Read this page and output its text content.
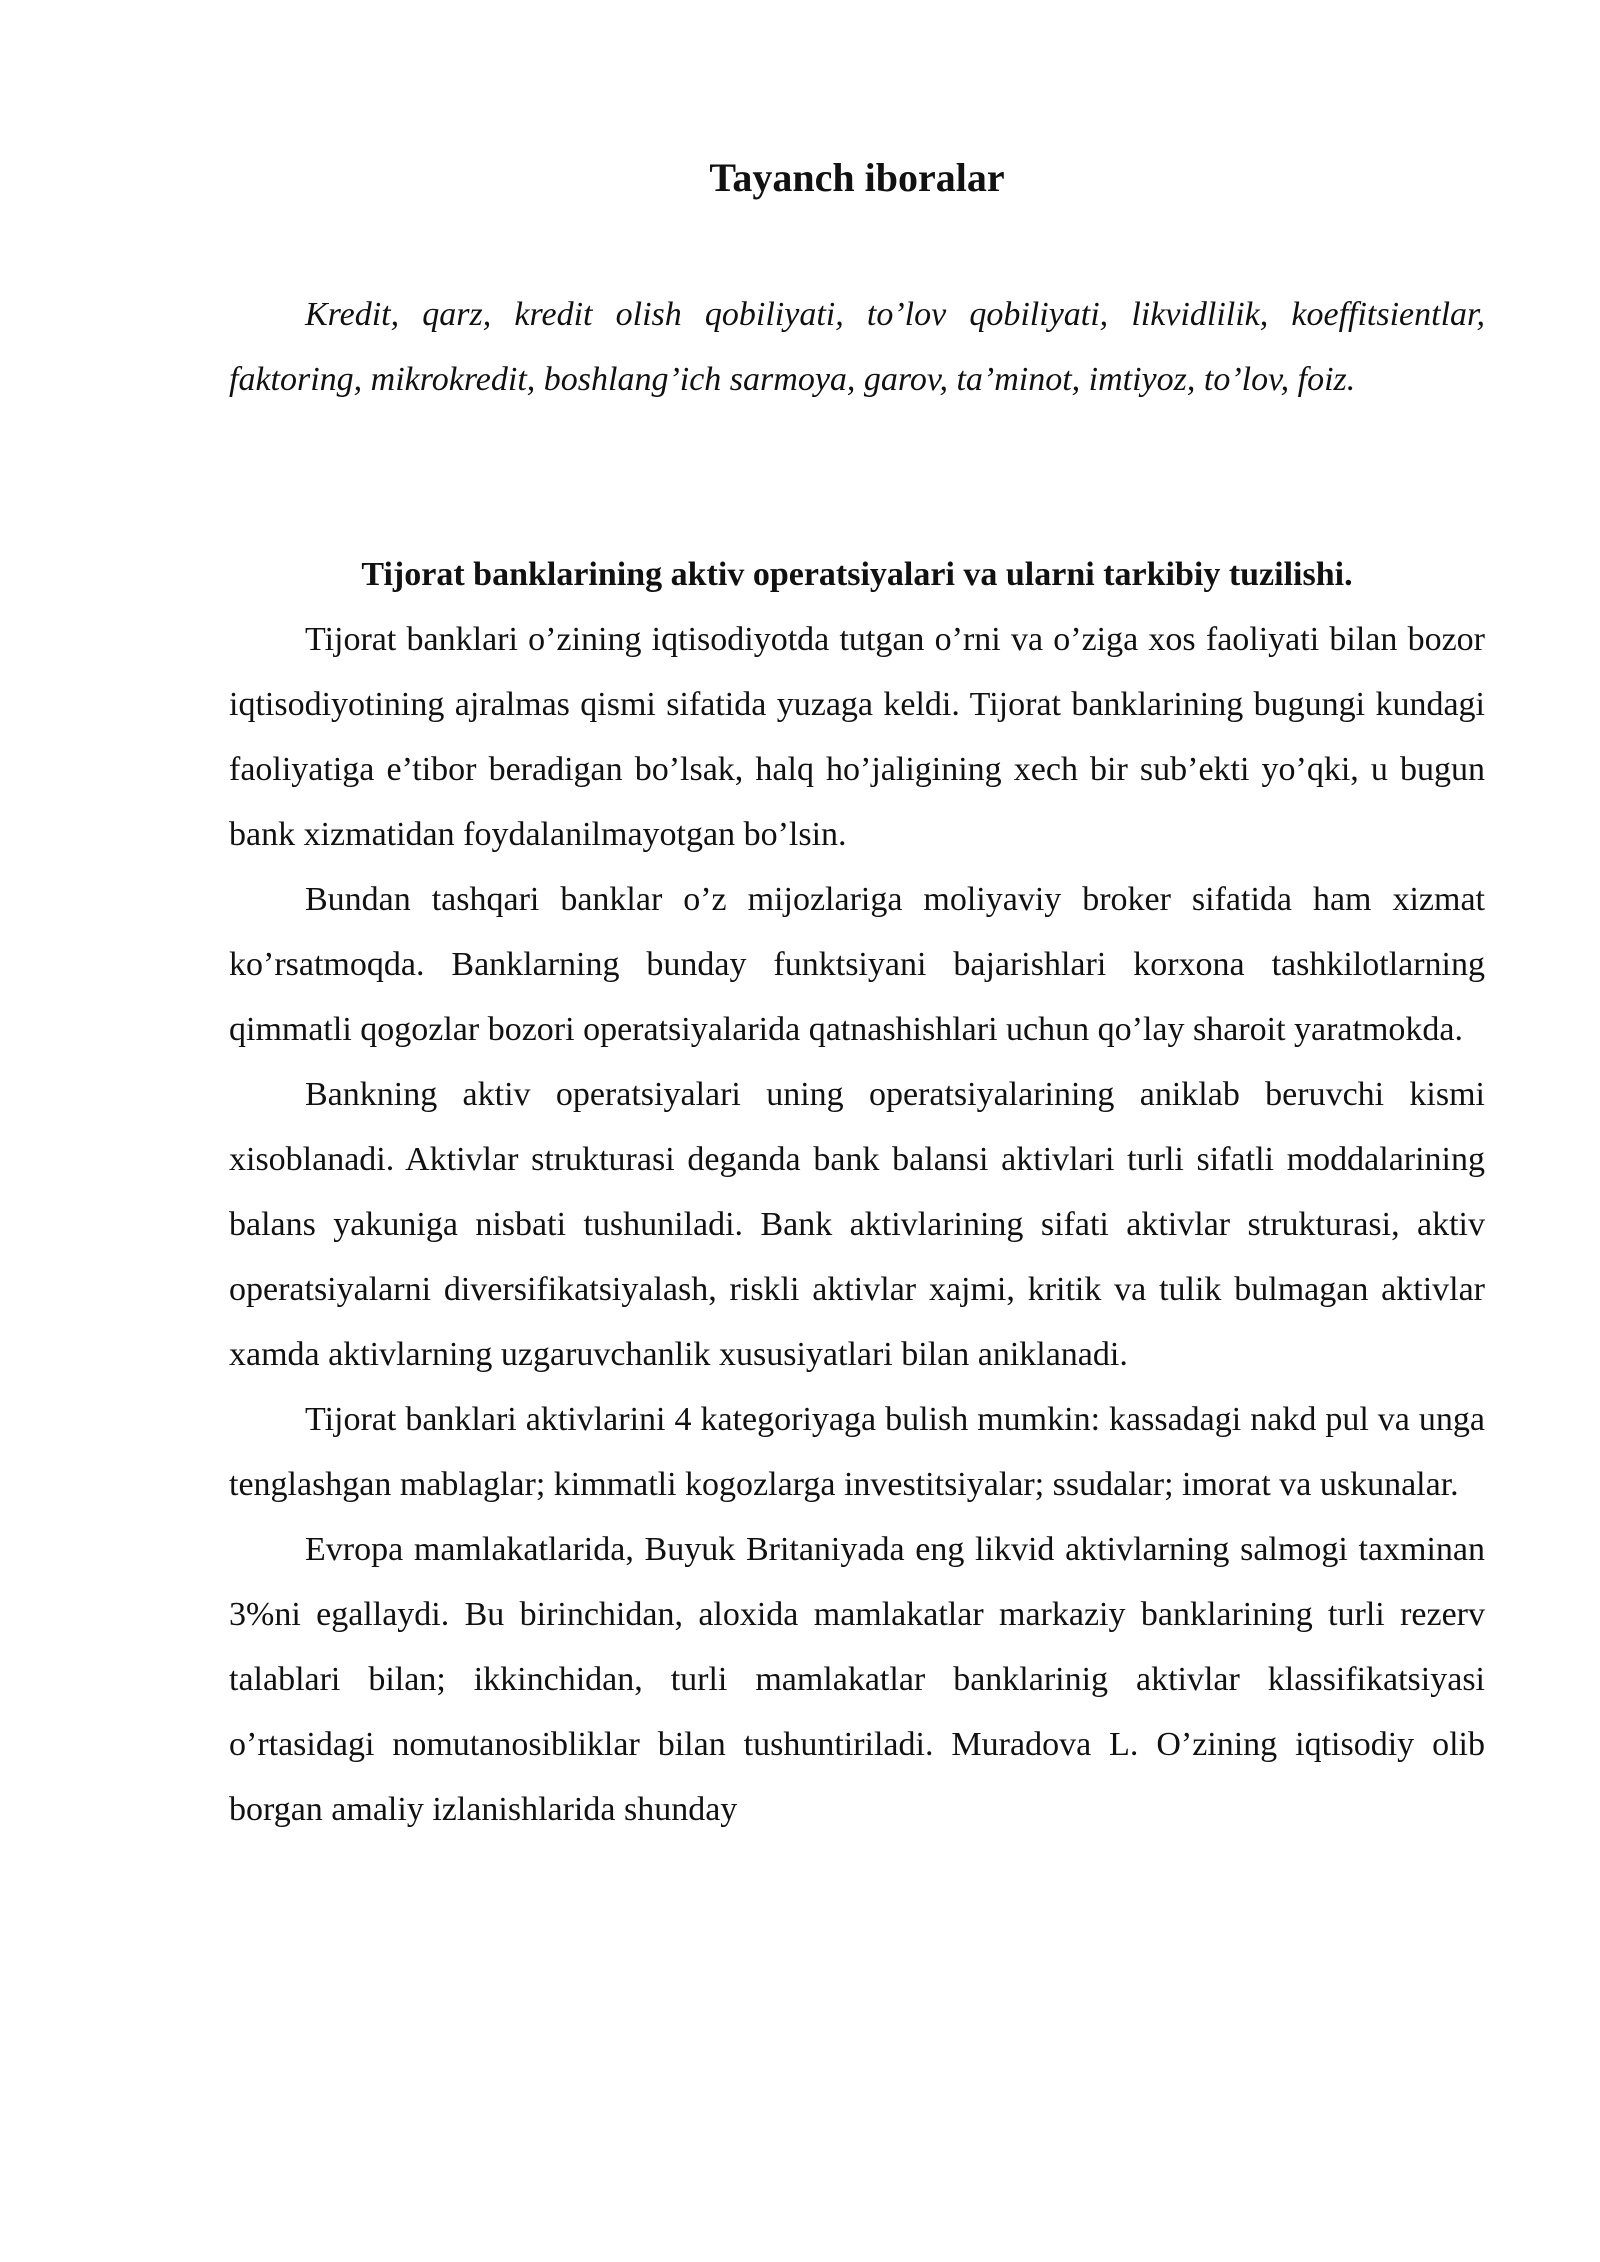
Tayanch iboralar

Kredit, qarz, kredit olish qobiliyati, to’lov qobiliyati, likvidlilik, koeffitsientlar, faktoring, mikrokredit, boshlang’ich sarmoya, garov, ta’minot, imtiyoz, to’lov, foiz.

Tijorat banklarining aktiv operatsiyalari va ularni tarkibiy tuzilishi.

Tijorat banklari o’zining iqtisodiyotda tutgan o’rni va o’ziga xos faoliyati bilan bozor iqtisodiyotining ajralmas qismi sifatida yuzaga keldi. Tijorat banklarining bugungi kundagi faoliyatiga e’tibor beradigan bo’lsak, halq ho’jaligining xech bir sub’ekti yo’qki, u bugun bank xizmatidan foydalanilmayotgan bo’lsin.

Bundan tashqari banklar o’z mijozlariga moliyaviy broker sifatida ham xizmat ko’rsatmoqda. Banklarning bunday funktsiyani bajarishlari korxona tashkilotlarning qimmatli qogozlar bozori operatsiyalarida qatnashishlari uchun qo’lay sharoit yaratmokda.

Bankning aktiv operatsiyalari uning operatsiyalarining aniklab beruvchi kismi xisoblanadi. Aktivlar strukturasi deganda bank balansi aktivlari turli sifatli moddalarining balans yakuniga nisbati tushuniladi. Bank aktivlarining sifati aktivlar strukturasi, aktiv operatsiyalarni diversifikatsiyalash, riskli aktivlar xajmi, kritik va tulik bulmagan aktivlar xamda aktivlarning uzgaruvchanlik xususiyatlari bilan aniklanadi.

Tijorat banklari aktivlarini 4 kategoriyaga bulish mumkin: kassadagi nakd pul va unga tenglashgan mablaglar; kimmatli kogozlarga investitsiyalar; ssudalar; imorat va uskunalar.

Evropa mamlakatlarida, Buyuk Britaniyada eng likvid aktivlarning salmogi taxminan 3%ni egallaydi. Bu birinchidan, aloxida mamlakatlar markaziy banklarining turli rezerv talablari bilan; ikkinchidan, turli mamlakatlar banklarinig aktivlar klassifikatsiyasi o’rtasidagi nomutanosibliklar bilan tushuntiriladi. Muradova L. O’zining iqtisodiy olib borgan amaliy izlanishlarida shunday
